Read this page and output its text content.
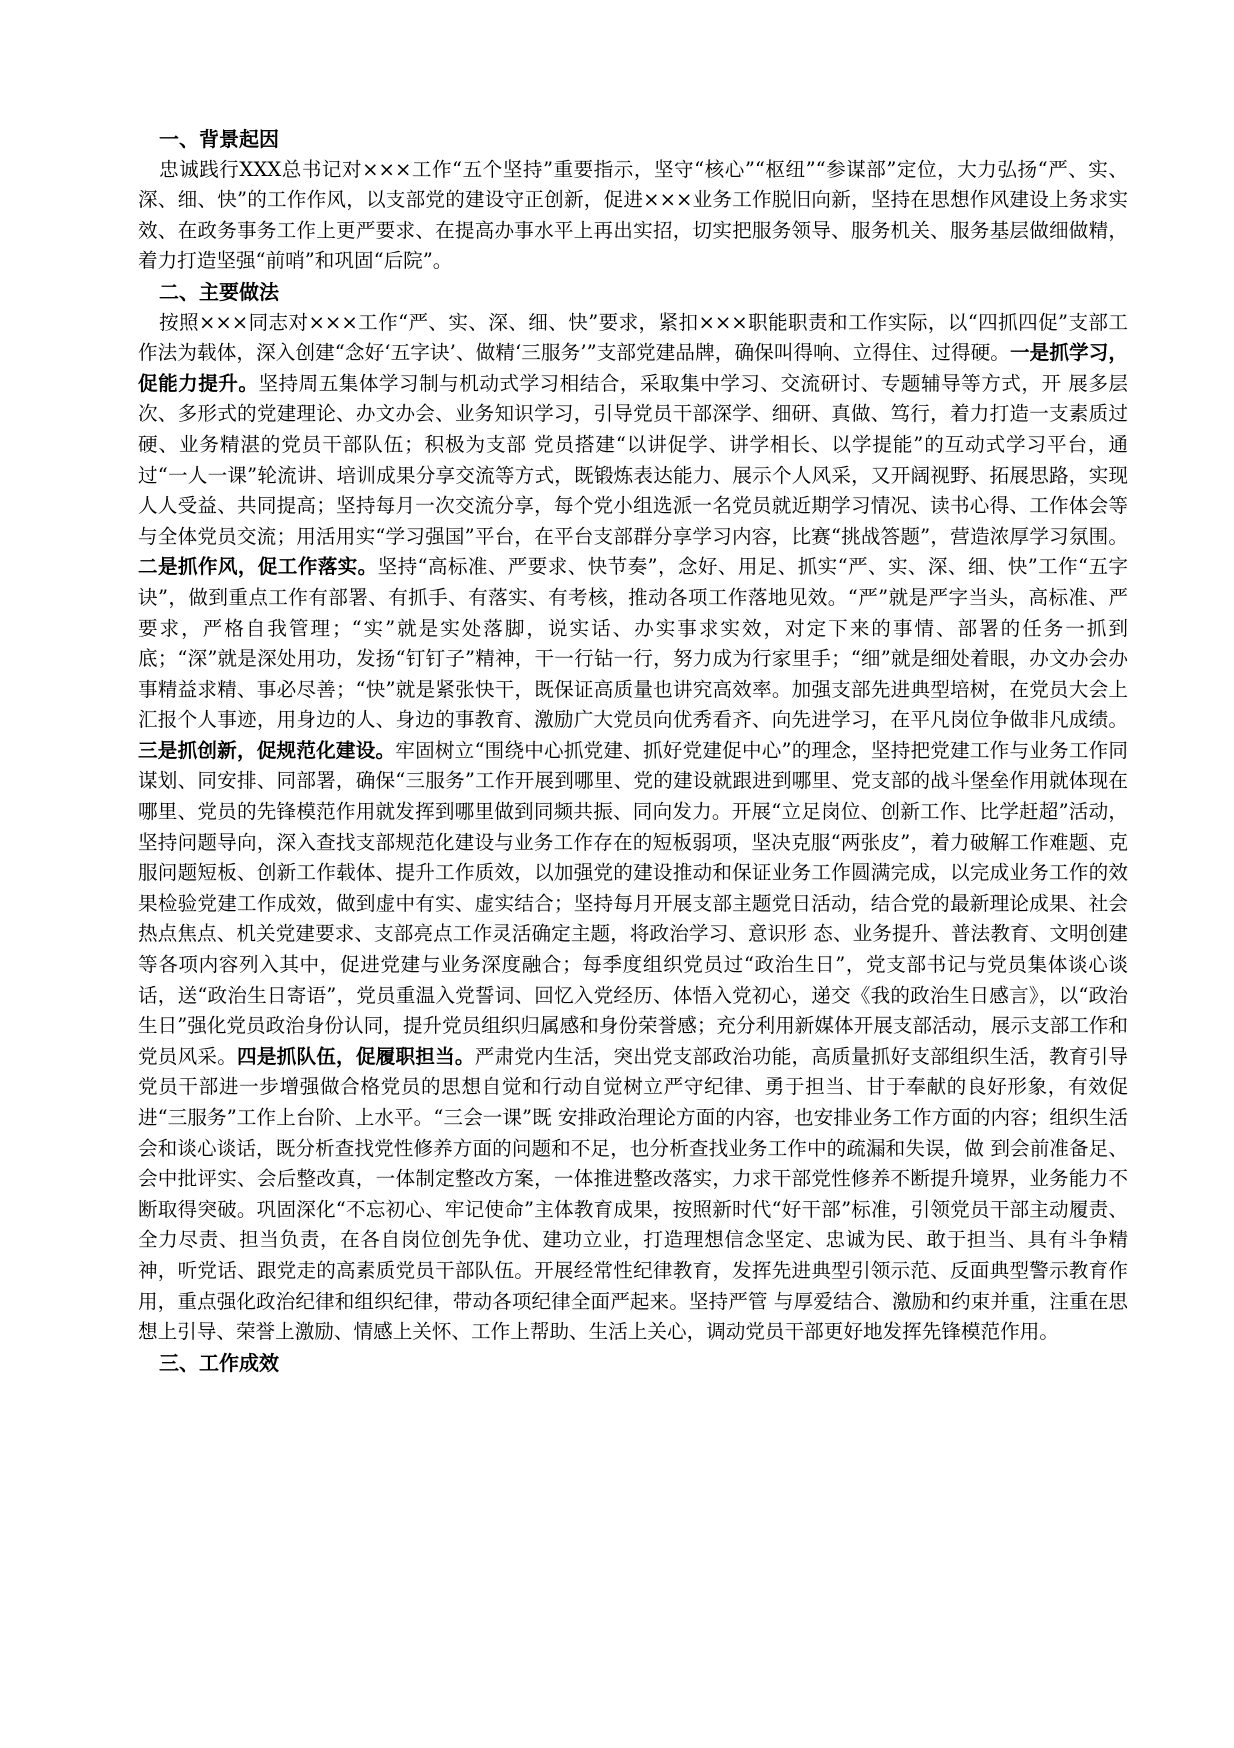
一、背景起因

忠诚践行XXX总书记对×××工作“五个坚持”重要指示，坚守“核心”“枢纽”“参谋部”定位，大力弘扬“严、实、深、细、快”的工作作风，以支部党的建设守正创新，促进×××业务工作脱旧向新，坚持在思想作风建设上务求实效、在政务事务工作上更严要求、在提高办事水平上再出实招，切实把服务领导、服务机关、服务基层做细做精，着力打造坚强“前哨”和巩固“后院”。

二、主要做法

按照×××同志对×××工作“严、实、深、细、快”要求，紧扣×××职能职责和工作实际，以“四抓四促”支部工作法为载体，深入创建“念好‘五字诀’、做精‘三服务’”支部党建品牌，确保叫得响、立得住、过得硬。一是抓学习，促能力提升。坚持周五集体学习制与机动式学习相结合，采取集中学习、交流研讨、专题辅导等方式，开 展多层次、多形式的党建理论、办文办会、业务知识学习，引导党员干部深学、细研、真做、笃行，着力打造一支素质过硬、业务精湛的党员干部队伍；积极为支部 党员搭建“以讲促学、讲学相长、以学提能”的互动式学习平台，通过“一人一课”轮流讲、培训成果分享交流等方式，既锻炼表达能力、展示个人风采，又开阔视野、拓展思路，实现人人受益、共同提高；坚持每月一次交流分享，每个党小组选派一名党员就近期学习情况、读书心得、工作体会等与全体党员交流；用活用实“学习强国”平台，在平台支部群分享学习内容，比赛“挑战答题”，营造浓厚学习氛围。二是抓作风，促工作落实。坚持“高标准、严要求、快节奏”，念好、用足、抓实“严、实、深、细、快”工作“五字诀”，做到重点工作有部署、有抓手、有落实、有考核，推动各项工作落地见效。“严”就是严字当头，高标准、严要求，严格自我管理；“实”就是实处落脚，说实话、办实事求实效，对定下来的事情、部署的任务一抓到底；“深”就是深处用功，发扬“钉钉子”精神，干一行钻一行，努力成为行家里手；“细”就是细处着眼，办文办会办事精益求精、事必尽善；“快”就是紧张快干，既保证高质量也讲究高效率。加强支部先进典型培树，在党员大会上汇报个人事迹，用身边的人、身边的事教育、激励广大党员向优秀看齐、向先进学习，在平凡岗位争做非凡成绩。三是抓创新，促规范化建设。牢固树立“围绕中心抓党建、抓好党建促中心”的理念，坚持把党建工作与业务工作同谋划、同安排、同部署，确保“三服务”工作开展到哪里、党的建设就跟进到哪里、党支部的战斗堡垒作用就体现在哪里、党员的先锋模范作用就发挥到哪里做到同频共振、同向发力。开展“立足岗位、创新工作、比学赶超”活动，坚持问题导向，深入查找支部规范化建设与业务工作存在的短板弱项，坚决克服“两张皮”，着力破解工作难题、克服问题短板、创新工作载体、提升工作质效，以加强党的建设推动和保证业务工作圆满完成，以完成业务工作的效果检验党建工作成效，做到虚中有实、虚实结合；坚持每月开展支部主题党日活动，结合党的最新理论成果、社会热点焦点、机关党建要求、支部亮点工作灵活确定主题，将政治学习、意识形 态、业务提升、普法教育、文明创建等各项内容列入其中，促进党建与业务深度融合；每季度组织党员过“政治生日”，党支部书记与党员集体谈心谈话，送“政治生日寄语”，党员重温入党誓词、回忆入党经历、体悟入党初心，递交《我的政治生日感言》，以“政治生日”强化党员政治身份认同，提升党员组织归属感和身份荣誉感；充分利用新媒体开展支部活动，展示支部工作和党员风采。四是抓队伍，促履职担当。严肃党内生活，突出党支部政治功能，高质量抓好支部组织生活，教育引导党员干部进一步增强做合格党员的思想自觉和行动自觉树立严守纪律、勇于担当、甘于奉献的良好形象，有效促进“三服务”工作上台阶、上水平。“三会一课”既 安排政治理论方面的内容，也安排业务工作方面的内容；组织生活会和谈心谈话，既分析查找党性修养方面的问题和不足，也分析查找业务工作中的疏漏和失误，做 到会前准备足、会中批评实、会后整改真，一体制定整改方案，一体推进整改落实，力求干部党性修养不断提升境界，业务能力不断取得突破。巩固深化“不忘初心、牢记使命”主体教育成果，按照新时代“好干部”标准，引领党员干部主动履责、全力尽责、担当负责，在各自岗位创先争优、建功立业，打造理想信念坚定、忠诚为民、敢于担当、具有斗争精神，听党话、跟党走的高素质党员干部队伍。开展经常性纪律教育，发挥先进典型引领示范、反面典型警示教育作用，重点强化政治纪律和组织纪律，带动各项纪律全面严起来。坚持严管 与厚爱结合、激励和约束并重，注重在思想上引导、荣誉上激励、情感上关怀、工作上帮助、生活上关心，调动党员干部更好地发挥先锋模范作用。

三、工作成效
